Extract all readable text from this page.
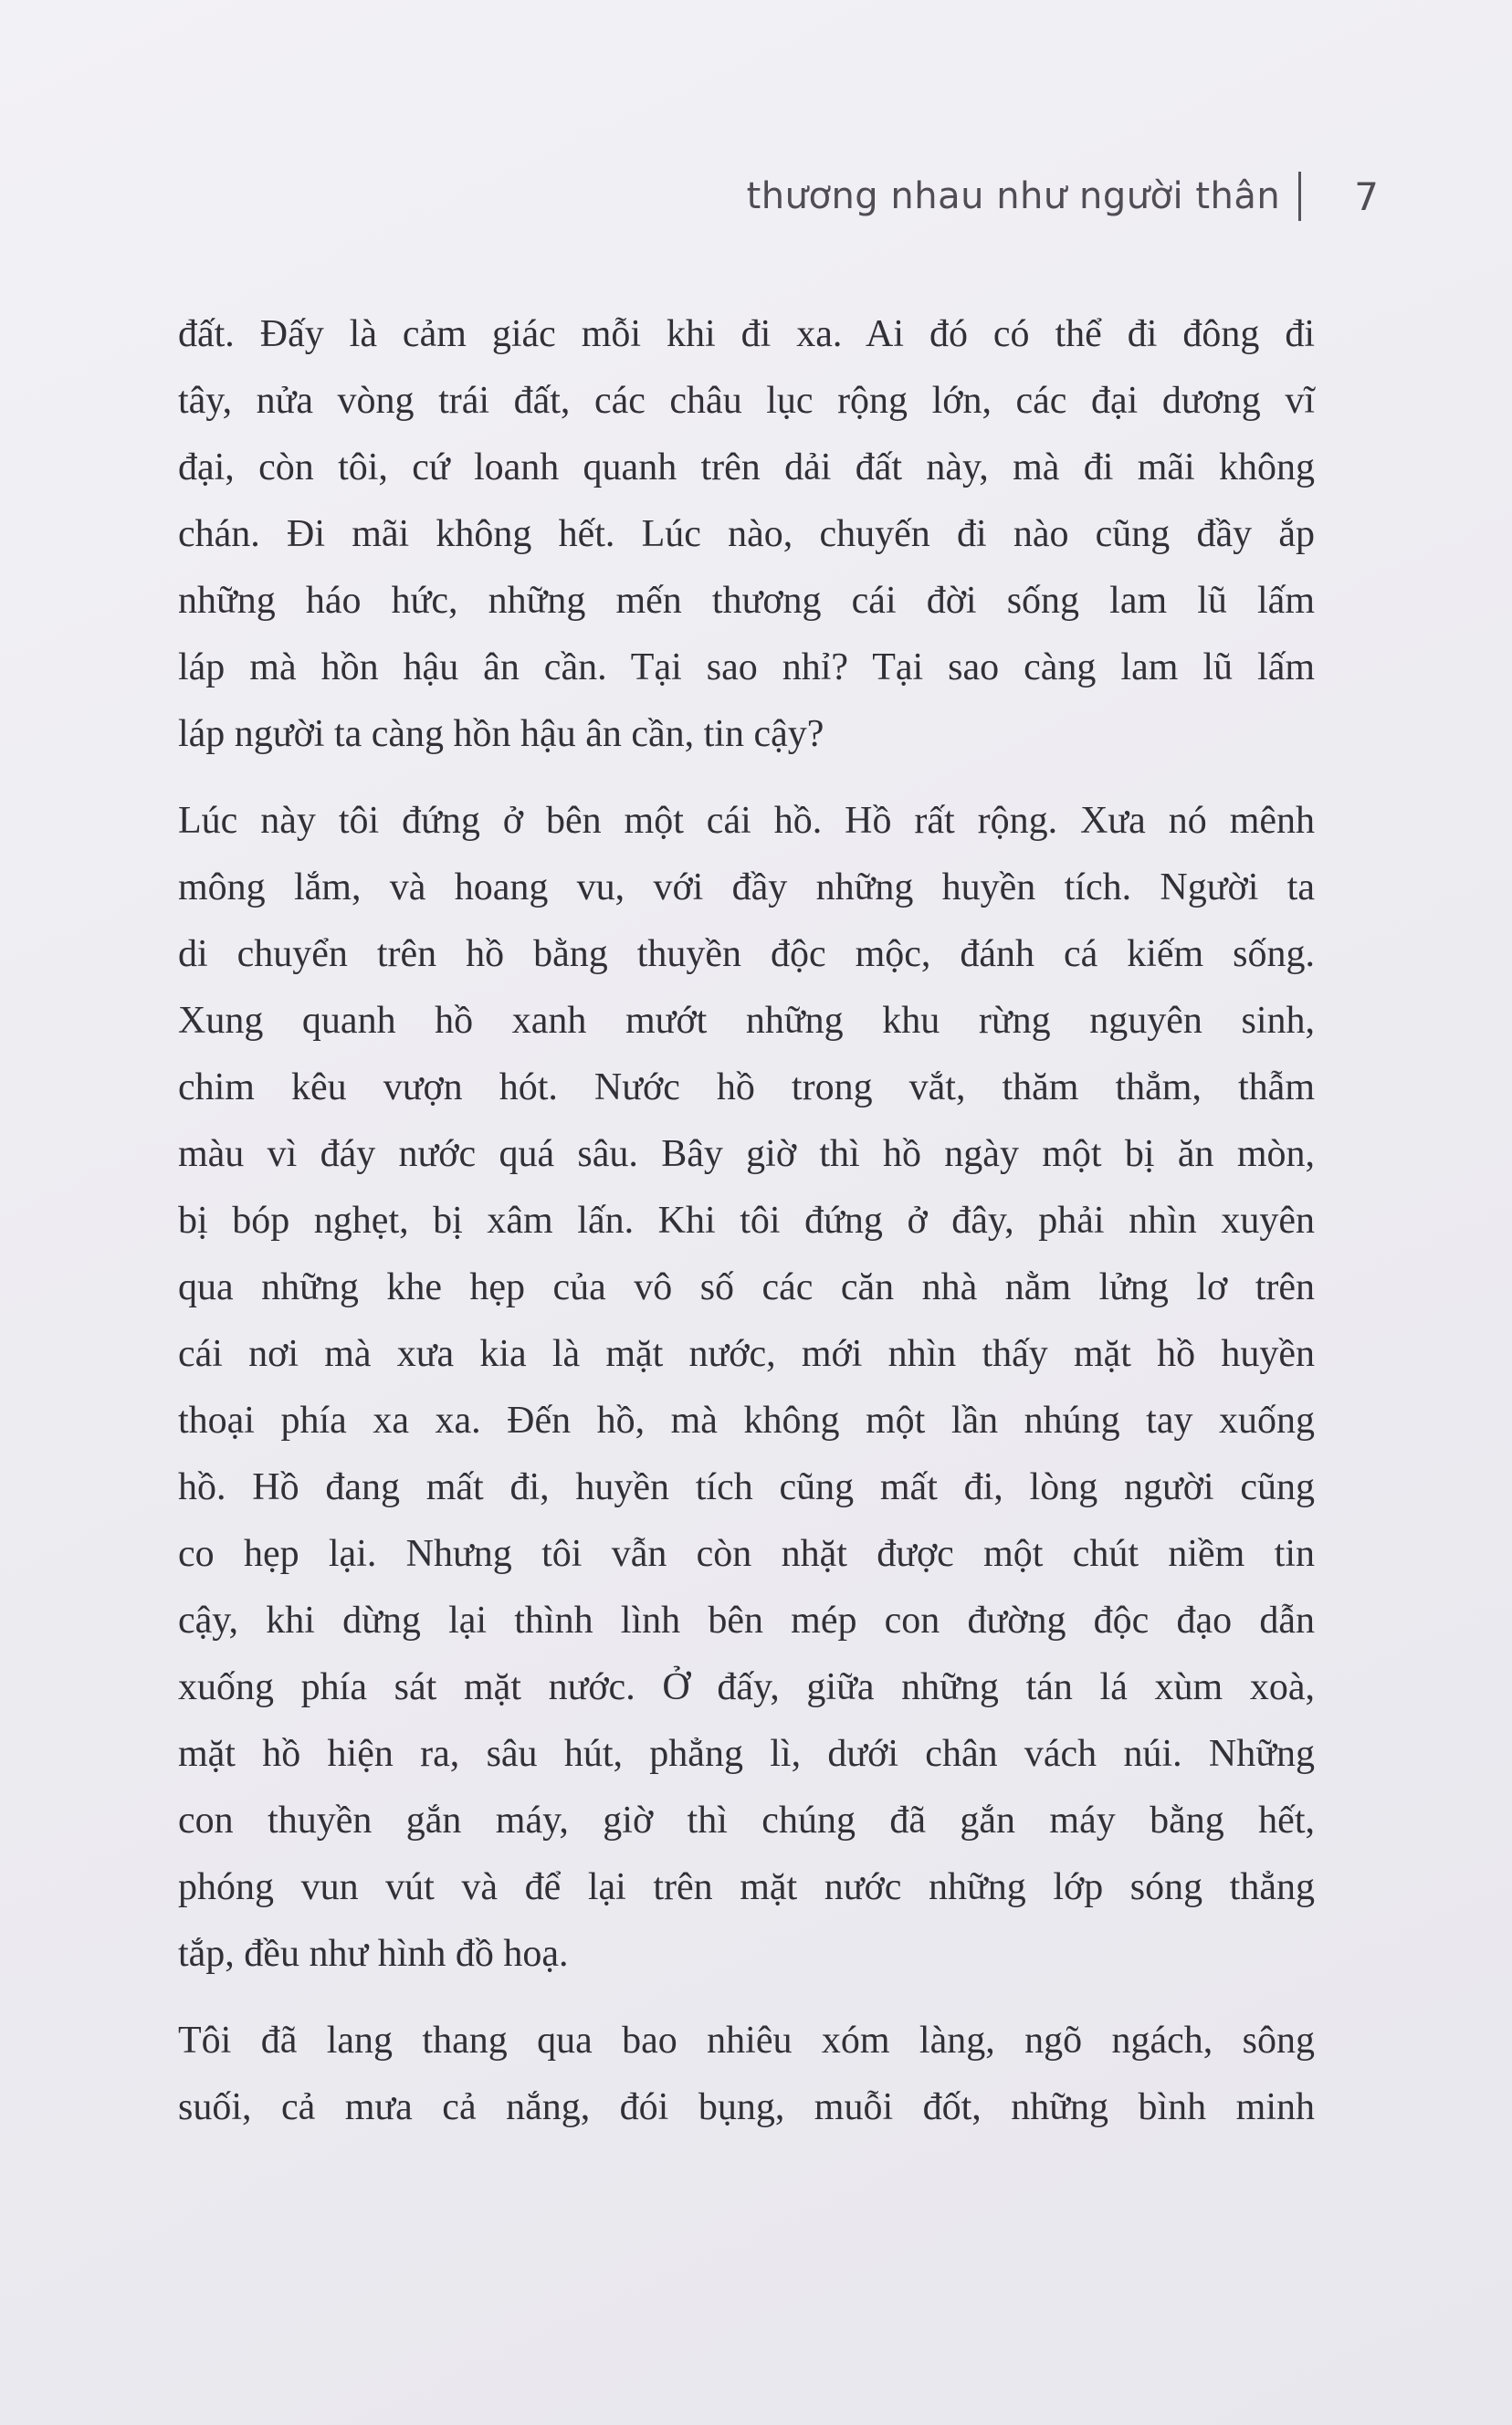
thương nhau như người thân 7
đất. Đấy là cảm giác mỗi khi đi xa. Ai đó có thể đi đông đi
tây, nửa vòng trái đất, các châu lục rộng lớn, các đại dương vĩ
đại, còn tôi, cứ loanh quanh trên dải đất này, mà đi mãi không
chán. Đi mãi không hết. Lúc nào, chuyến đi nào cũng đầy ắp
những háo hức, những mến thương cái đời sống lam lũ lấm
láp mà hồn hậu ân cần. Tại sao nhỉ? Tại sao càng lam lũ lấm
láp người ta càng hồn hậu ân cần, tin cậy?
Lúc này tôi đứng ở bên một cái hồ. Hồ rất rộng. Xưa nó mênh
mông lắm, và hoang vu, với đầy những huyền tích. Người ta
di chuyển trên hồ bằng thuyền độc mộc, đánh cá kiếm sống.
Xung quanh hồ xanh mướt những khu rừng nguyên sinh,
chim kêu vượn hót. Nước hồ trong vắt, thăm thẳm, thẫm
màu vì đáy nước quá sâu. Bây giờ thì hồ ngày một bị ăn mòn,
bị bóp nghẹt, bị xâm lấn. Khi tôi đứng ở đây, phải nhìn xuyên
qua những khe hẹp của vô số các căn nhà nằm lửng lơ trên
cái nơi mà xưa kia là mặt nước, mới nhìn thấy mặt hồ huyền
thoại phía xa xa. Đến hồ, mà không một lần nhúng tay xuống
hồ. Hồ đang mất đi, huyền tích cũng mất đi, lòng người cũng
co hẹp lại. Nhưng tôi vẫn còn nhặt được một chút niềm tin
cậy, khi dừng lại thình lình bên mép con đường độc đạo dẫn
xuống phía sát mặt nước. Ở đấy, giữa những tán lá xùm xoà,
mặt hồ hiện ra, sâu hút, phẳng lì, dưới chân vách núi. Những
con thuyền gắn máy, giờ thì chúng đã gắn máy bằng hết,
phóng vun vút và để lại trên mặt nước những lớp sóng thẳng
tắp, đều như hình đồ hoạ.
Tôi đã lang thang qua bao nhiêu xóm làng, ngõ ngách, sông
suối, cả mưa cả nắng, đói bụng, muỗi đốt, những bình minh
